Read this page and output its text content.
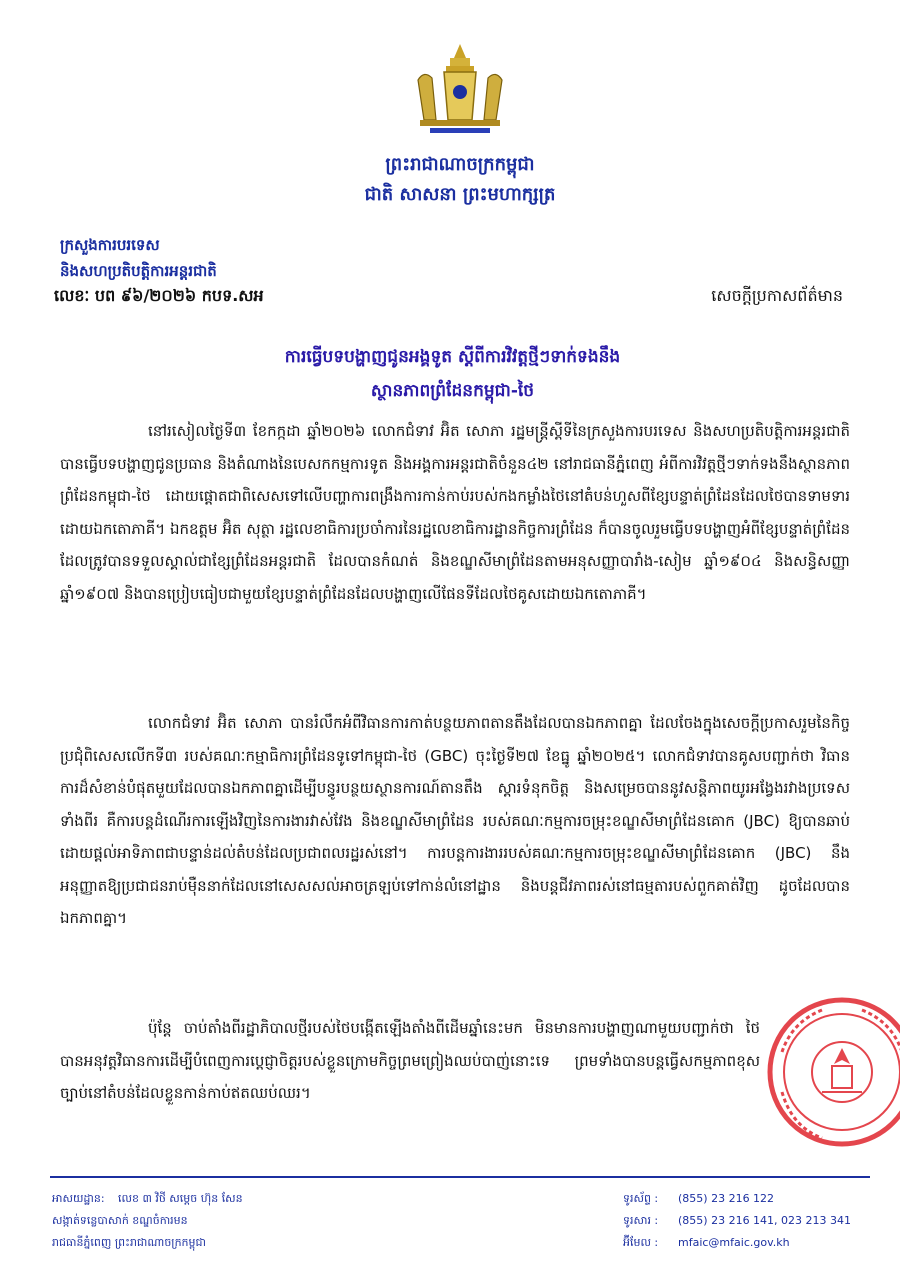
ព្រះរាជាណាចក្រកម្ពុជា
ជាតិ សាសនា ព្រះមហាក្សត្រ
ក្រសួងការបរទេស
និងសហប្រតិបត្តិការអន្តរជាតិ
លេខៈ បព ៩៦/២០២៦ កបទ.សអ	សេចក្តីប្រកាសព័ត៌មាន
ការធ្វើបទបង្ហាញជូនអង្គទូត ស្តីពីការវិវត្តថ្មីៗទាក់ទងនឹង
ស្ថានភាពព្រំដែនកម្ពុជា-ថៃ
នៅរសៀលថ្ងៃទី៣ ខែកក្កដា ឆ្នាំ២០២៦ លោកជំទាវ អ៊ិត សោភា រដ្ឋមន្ត្រីស្តីទីនៃក្រសួងការបរទេស និងសហប្រតិបត្តិការអន្តរជាតិ បានធ្វើបទបង្ហាញជូនប្រធាន និងតំណាងនៃបេសកកម្មការទូត និងអង្គការអន្តរជាតិចំនួន៤២ នៅរាជធានីភ្នំពេញ អំពីការវិវត្តថ្មីៗទាក់ទងនឹងស្ថានភាពព្រំដែនកម្ពុជា-ថៃ ដោយផ្តោតជាពិសេសទៅលើបញ្ហាការពង្រឹងការកាន់កាប់របស់កងកម្លាំងថៃនៅតំបន់ហួសពីខ្សែបន្ទាត់ព្រំដែនដែលថៃបានទាមទារដោយឯកតោភាគី។ ឯកឧត្តម អ៊ិត សុត្ថា រដ្ឋលេខាធិការប្រចាំការនៃរដ្ឋលេខាធិការដ្ឋានកិច្ចការព្រំដែន ក៏បានចូលរួមធ្វើបទបង្ហាញអំពីខ្សែបន្ទាត់ព្រំដែនដែលត្រូវបានទទួលស្គាល់ជាខ្សែព្រំដែនអន្តរជាតិ ដែលបានកំណត់ និងខណ្ឌសីមាព្រំដែនតាមអនុសញ្ញាបារាំង-សៀម ឆ្នាំ១៩០៤ និងសន្ធិសញ្ញាឆ្នាំ១៩០៧ និងបានប្រៀបធៀបជាមួយខ្សែបន្ទាត់ព្រំដែនដែលបង្ហាញលើផែនទីដែលថៃគូសដោយឯកតោភាគី។
លោកជំទាវ អ៊ិត សោភា បានរំលឹកអំពីវិធានការកាត់បន្ថយភាពតានតឹងដែលបានឯកភាពគ្នា ដែលចែងក្នុងសេចក្តីប្រកាសរួមនៃកិច្ចប្រជុំពិសេសលើកទី៣ របស់គណៈកម្មាធិការព្រំដែនទូទៅកម្ពុជា-ថៃ (GBC) ចុះថ្ងៃទី២៧ ខែធ្នូ ឆ្នាំ២០២៥។ លោកជំទាវបានគូសបញ្ជាក់ថា វិធានការដ៏សំខាន់បំផុតមួយដែលបានឯកភាពគ្នាដើម្បីបន្ធូរបន្ថយស្ថានការណ៍តានតឹង ស្តារទំនុកចិត្ត និងសម្រេចបាននូវសន្តិភាពយូរអង្វែងរវាងប្រទេសទាំងពីរ គឺការបន្តដំណើរការឡើងវិញនៃការងារវាស់វែង និងខណ្ឌសីមាព្រំដែន របស់គណៈកម្មការចម្រុះខណ្ឌសីមាព្រំដែនគោក (JBC) ឱ្យបានឆាប់ ដោយផ្តល់អាទិភាពជាបន្ទាន់ដល់តំបន់ដែលប្រជាពលរដ្ឋរស់នៅ។ ការបន្តការងាររបស់គណៈកម្មការចម្រុះខណ្ឌសីមាព្រំដែនគោក (JBC) នឹងអនុញ្ញាតឱ្យប្រជាជនរាប់ម៉ឺននាក់ដែលនៅសេសសល់អាចត្រឡប់ទៅកាន់លំនៅដ្ឋាន និងបន្តជីវភាពរស់នៅធម្មតារបស់ពួកគាត់វិញ ដូចដែលបានឯកភាពគ្នា។
ប៉ុន្តែ ចាប់តាំងពីរដ្ឋាភិបាលថ្មីរបស់ថៃបង្កើតឡើងតាំងពីដើមឆ្នាំនេះមក មិនមានការបង្ហាញណាមួយបញ្ជាក់ថា ថៃបានអនុវត្តវិធានការដើម្បីបំពេញការប្តេជ្ញាចិត្តរបស់ខ្លួនក្រោមកិច្ចព្រមព្រៀងឈប់បាញ់នោះទេ ព្រមទាំងបានបន្តធ្វើសកម្មភាពខុសច្បាប់នៅតំបន់ដែលខ្លួនកាន់កាប់ឥតឈប់ឈរ។
អាសយដ្ឋាន: លេខ ៣ វិថី សម្តេច ហ៊ុន សែន
សង្កាត់ទន្លេបាសាក់ ខណ្ឌចំការមន
រាជធានីភ្នំពេញ ព្រះរាជាណាចក្រកម្ពុជា
ទូរស័ព្ទ : (855) 23 216 122
ទូរសារ : (855) 23 216 141, 023 213 341
អ៊ីមែល : mfaic@mfaic.gov.kh
